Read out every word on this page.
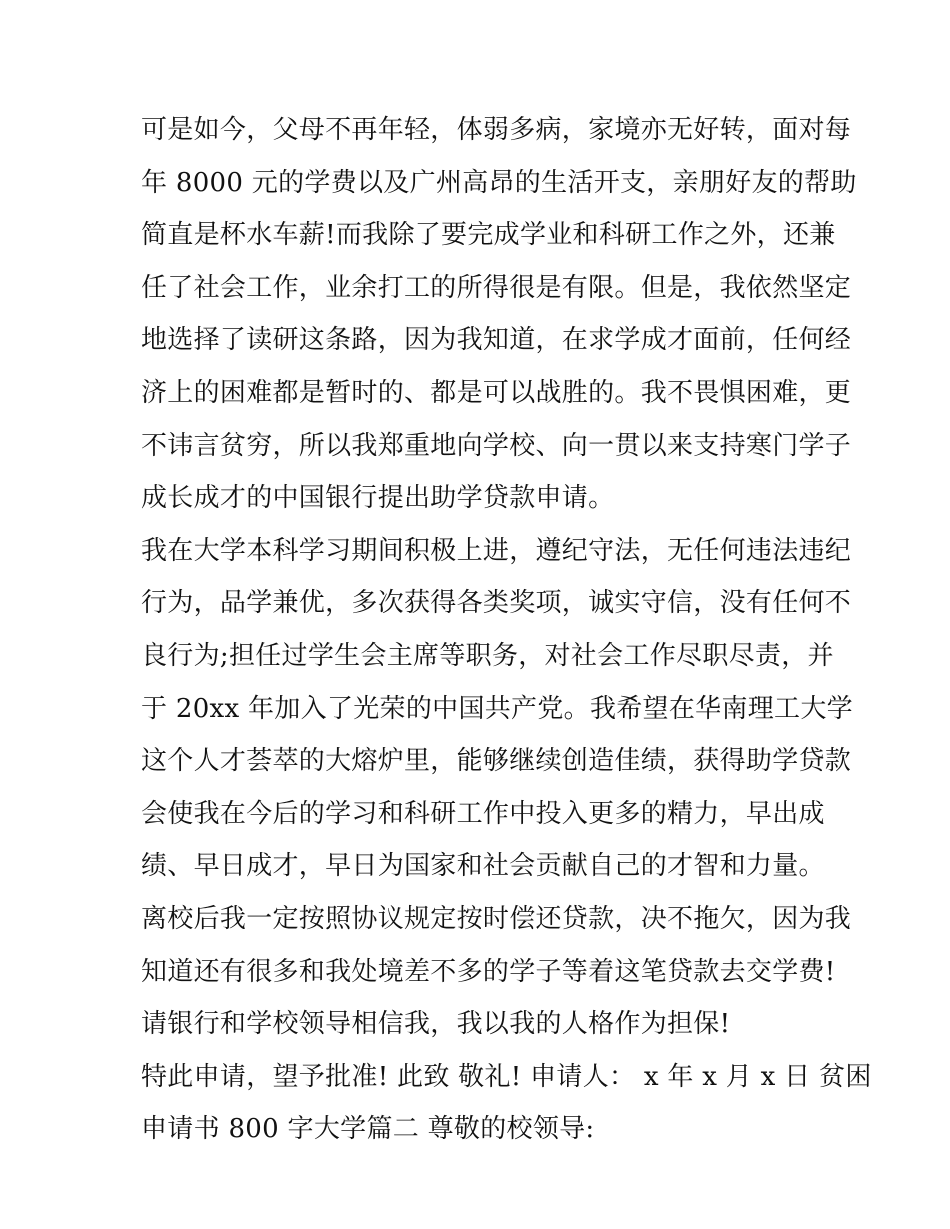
可是如今，父母不再年轻，体弱多病，家境亦无好转，面对每
年 8000 元的学费以及广州高昂的生活开支，亲朋好友的帮助
简直是杯水车薪!而我除了要完成学业和科研工作之外，还兼
任了社会工作，业余打工的所得很是有限。但是，我依然坚定
地选择了读研这条路，因为我知道，在求学成才面前，任何经
济上的困难都是暂时的、都是可以战胜的。我不畏惧困难，更
不讳言贫穷，所以我郑重地向学校、向一贯以来支持寒门学子
成长成才的中国银行提出助学贷款申请。
我在大学本科学习期间积极上进，遵纪守法，无任何违法违纪
行为，品学兼优，多次获得各类奖项，诚实守信，没有任何不
良行为;担任过学生会主席等职务，对社会工作尽职尽责，并
于 20xx 年加入了光荣的中国共产党。我希望在华南理工大学
这个人才荟萃的大熔炉里，能够继续创造佳绩，获得助学贷款
会使我在今后的学习和科研工作中投入更多的精力，早出成
绩、早日成才，早日为国家和社会贡献自己的才智和力量。
离校后我一定按照协议规定按时偿还贷款，决不拖欠，因为我
知道还有很多和我处境差不多的学子等着这笔贷款去交学费!
请银行和学校领导相信我，我以我的人格作为担保!
特此申请，望予批准! 此致 敬礼! 申请人： x 年 x 月 x 日 贫困
申请书 800 字大学篇二 尊敬的校领导:
